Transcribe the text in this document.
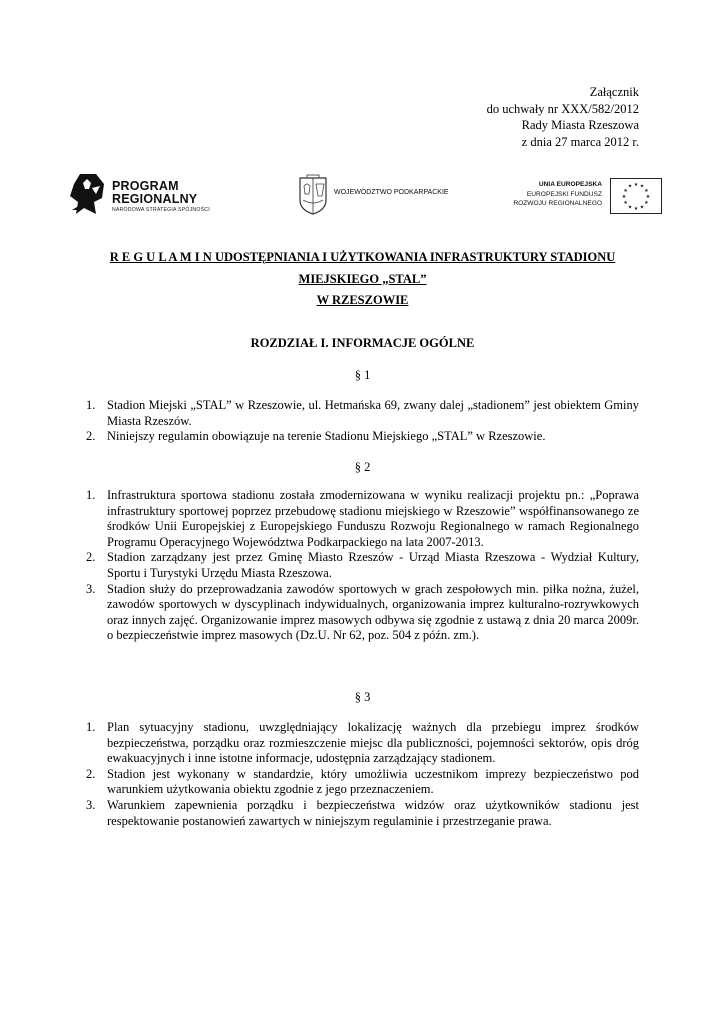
Załącznik
do uchwały nr XXX/582/2012
Rady Miasta Rzeszowa
z dnia 27 marca 2012 r.
PROGRAM
REGIONALNY
NARODOWA STRATEGIA SPÓJNOŚCI
WOJEWÓDZTWO PODKARPACKIE
UNIA EUROPEJSKA
EUROPEJSKI FUNDUSZ
ROZWOJU REGIONALNEGO
★ ★
★
★
★
★
★
★
★
★
★
★
R E G U L A M I N UDOSTĘPNIANIA I UŻYTKOWANIA INFRASTRUKTURY STADIONU
MIEJSKIEGO „STAL”
W RZESZOWIE
ROZDZIAŁ I. INFORMACJE OGÓLNE
§ 1
1. Stadion Miejski „STAL” w Rzeszowie, ul. Hetmańska 69, zwany dalej „stadionem” jest obiektem Gminy Miasta Rzeszów.
2. Niniejszy regulamin obowiązuje na terenie Stadionu Miejskiego „STAL” w Rzeszowie.
§ 2
1. Infrastruktura sportowa stadionu została zmodernizowana w wyniku realizacji projektu pn.: „Poprawa infrastruktury sportowej poprzez przebudowę stadionu miejskiego w Rzeszowie” współfinansowanego ze środków Unii Europejskiej z Europejskiego Funduszu Rozwoju Regionalnego w ramach Regionalnego Programu Operacyjnego Województwa Podkarpackiego na lata 2007-2013.
2. Stadion zarządzany jest przez Gminę Miasto Rzeszów - Urząd Miasta Rzeszowa - Wydział Kultury, Sportu i Turystyki Urzędu Miasta Rzeszowa.
3. Stadion służy do przeprowadzania zawodów sportowych w grach zespołowych min. piłka nożna, żużel, zawodów sportowych w dyscyplinach indywidualnych, organizowania imprez kulturalno-rozrywkowych oraz innych zajęć. Organizowanie imprez masowych odbywa się zgodnie z ustawą z dnia 20 marca 2009r. o bezpieczeństwie imprez masowych (Dz.U. Nr 62, poz. 504 z późn. zm.).
§ 3
1. Plan sytuacyjny stadionu, uwzględniający lokalizację ważnych dla przebiegu imprez środków bezpieczeństwa, porządku oraz rozmieszczenie miejsc dla publiczności, pojemności sektorów, opis dróg ewakuacyjnych i inne istotne informacje, udostępnia zarządzający stadionem.
2. Stadion jest wykonany w standardzie, który umożliwia uczestnikom imprezy bezpieczeństwo pod warunkiem użytkowania obiektu zgodnie z jego przeznaczeniem.
3. Warunkiem zapewnienia porządku i bezpieczeństwa widzów oraz użytkowników stadionu jest respektowanie postanowień zawartych w niniejszym regulaminie i przestrzeganie prawa.
